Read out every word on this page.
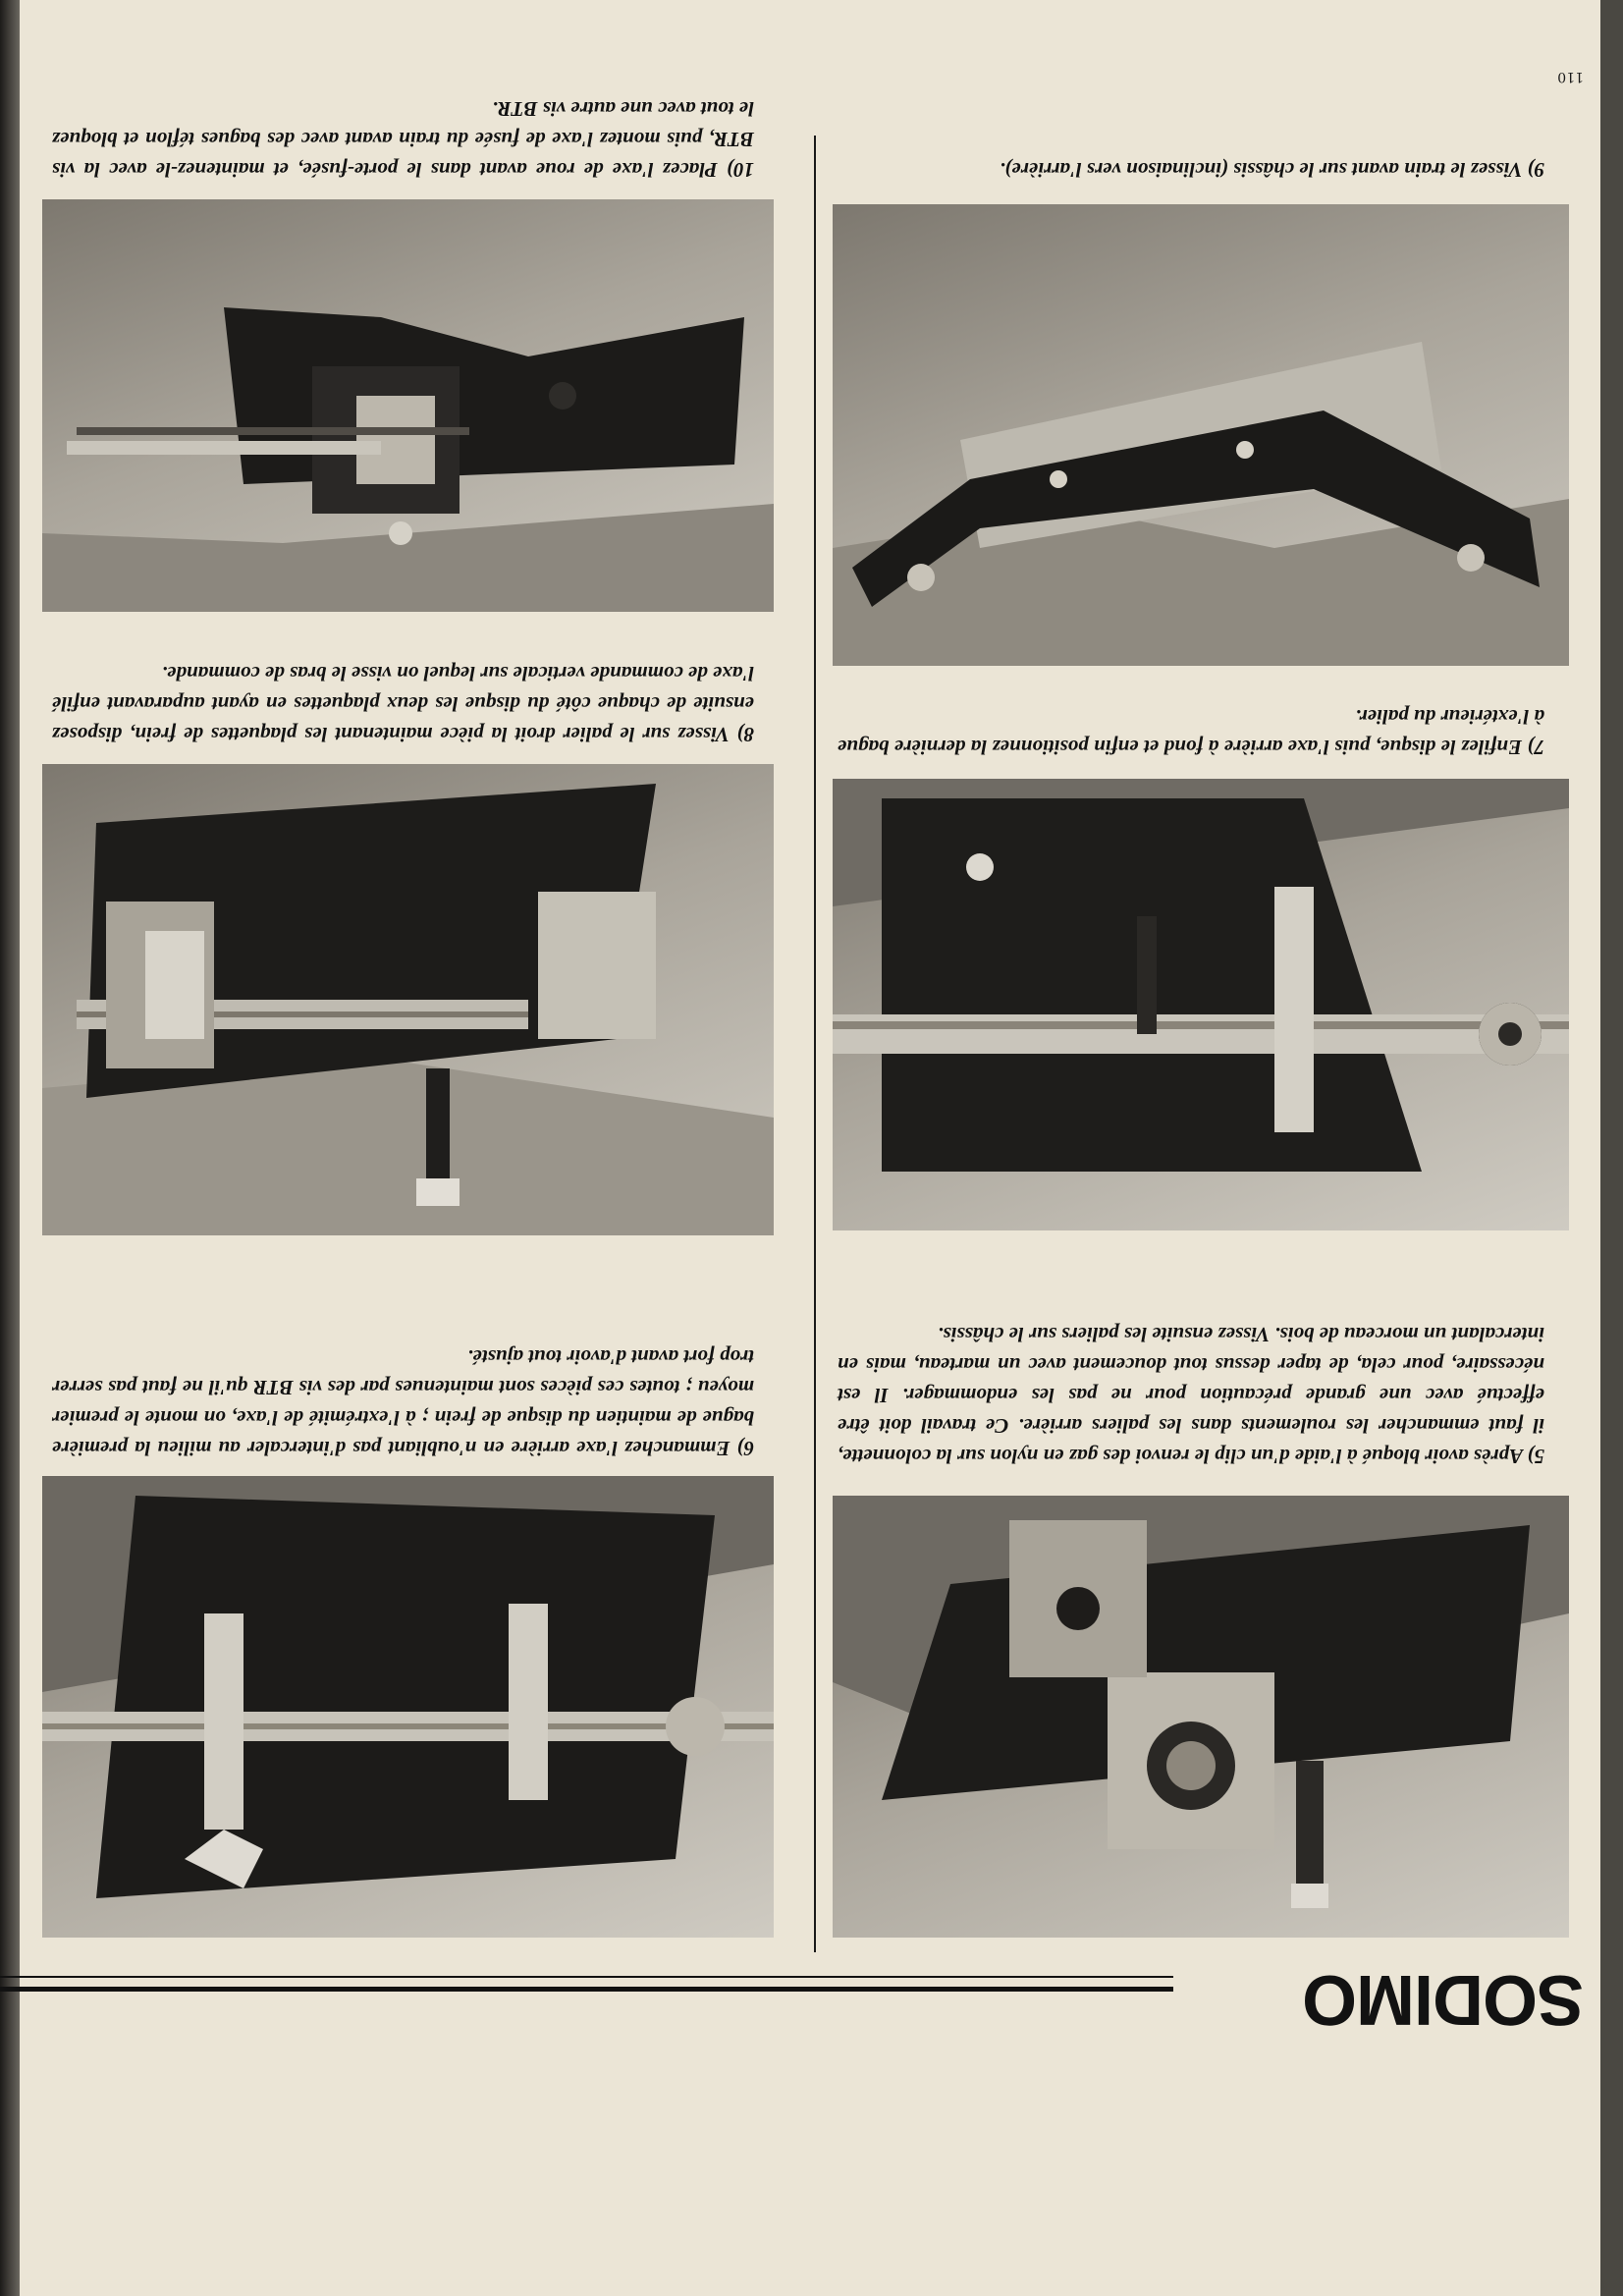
110
SODIMO

5) Après avoir bloqué à l'aide d'un clip le renvoi des gaz en nylon sur la colonnette, il faut emmancher les roulements dans les paliers arrière. Ce travail doit être effectué avec une grande précaution pour ne pas les endommager. Il est nécessaire, pour cela, de taper dessus tout doucement avec un marteau, mais en intercalant un morceau de bois. Vissez ensuite les paliers sur le châssis.

7) Enfilez le disque, puis l'axe arrière à fond et enfin positionnez la dernière bague à l'extérieur du palier.

9) Vissez le train avant sur le châssis (inclinaison vers l'arrière).

6) Emmanchez l'axe arrière en n'oubliant pas d'intercaler au milieu la première bague de maintien du disque de frein ; à l'extrémité de l'axe, on monte le premier moyeu ; toutes ces pièces sont maintenues par des vis BTR qu'il ne faut pas serrer trop fort avant d'avoir tout ajusté.

8) Vissez sur le palier droit la pièce maintenant les plaquettes de frein, disposez ensuite de chaque côté du disque les deux plaquettes en ayant auparavant enfilé l'axe de commande verticale sur lequel on visse le bras de commande.

10) Placez l'axe de roue avant dans le porte-fusée, et maintenez-le avec la vis BTR, puis montez l'axe de fusée du train avant avec des bagues téflon et bloquez le tout avec une autre vis BTR.
